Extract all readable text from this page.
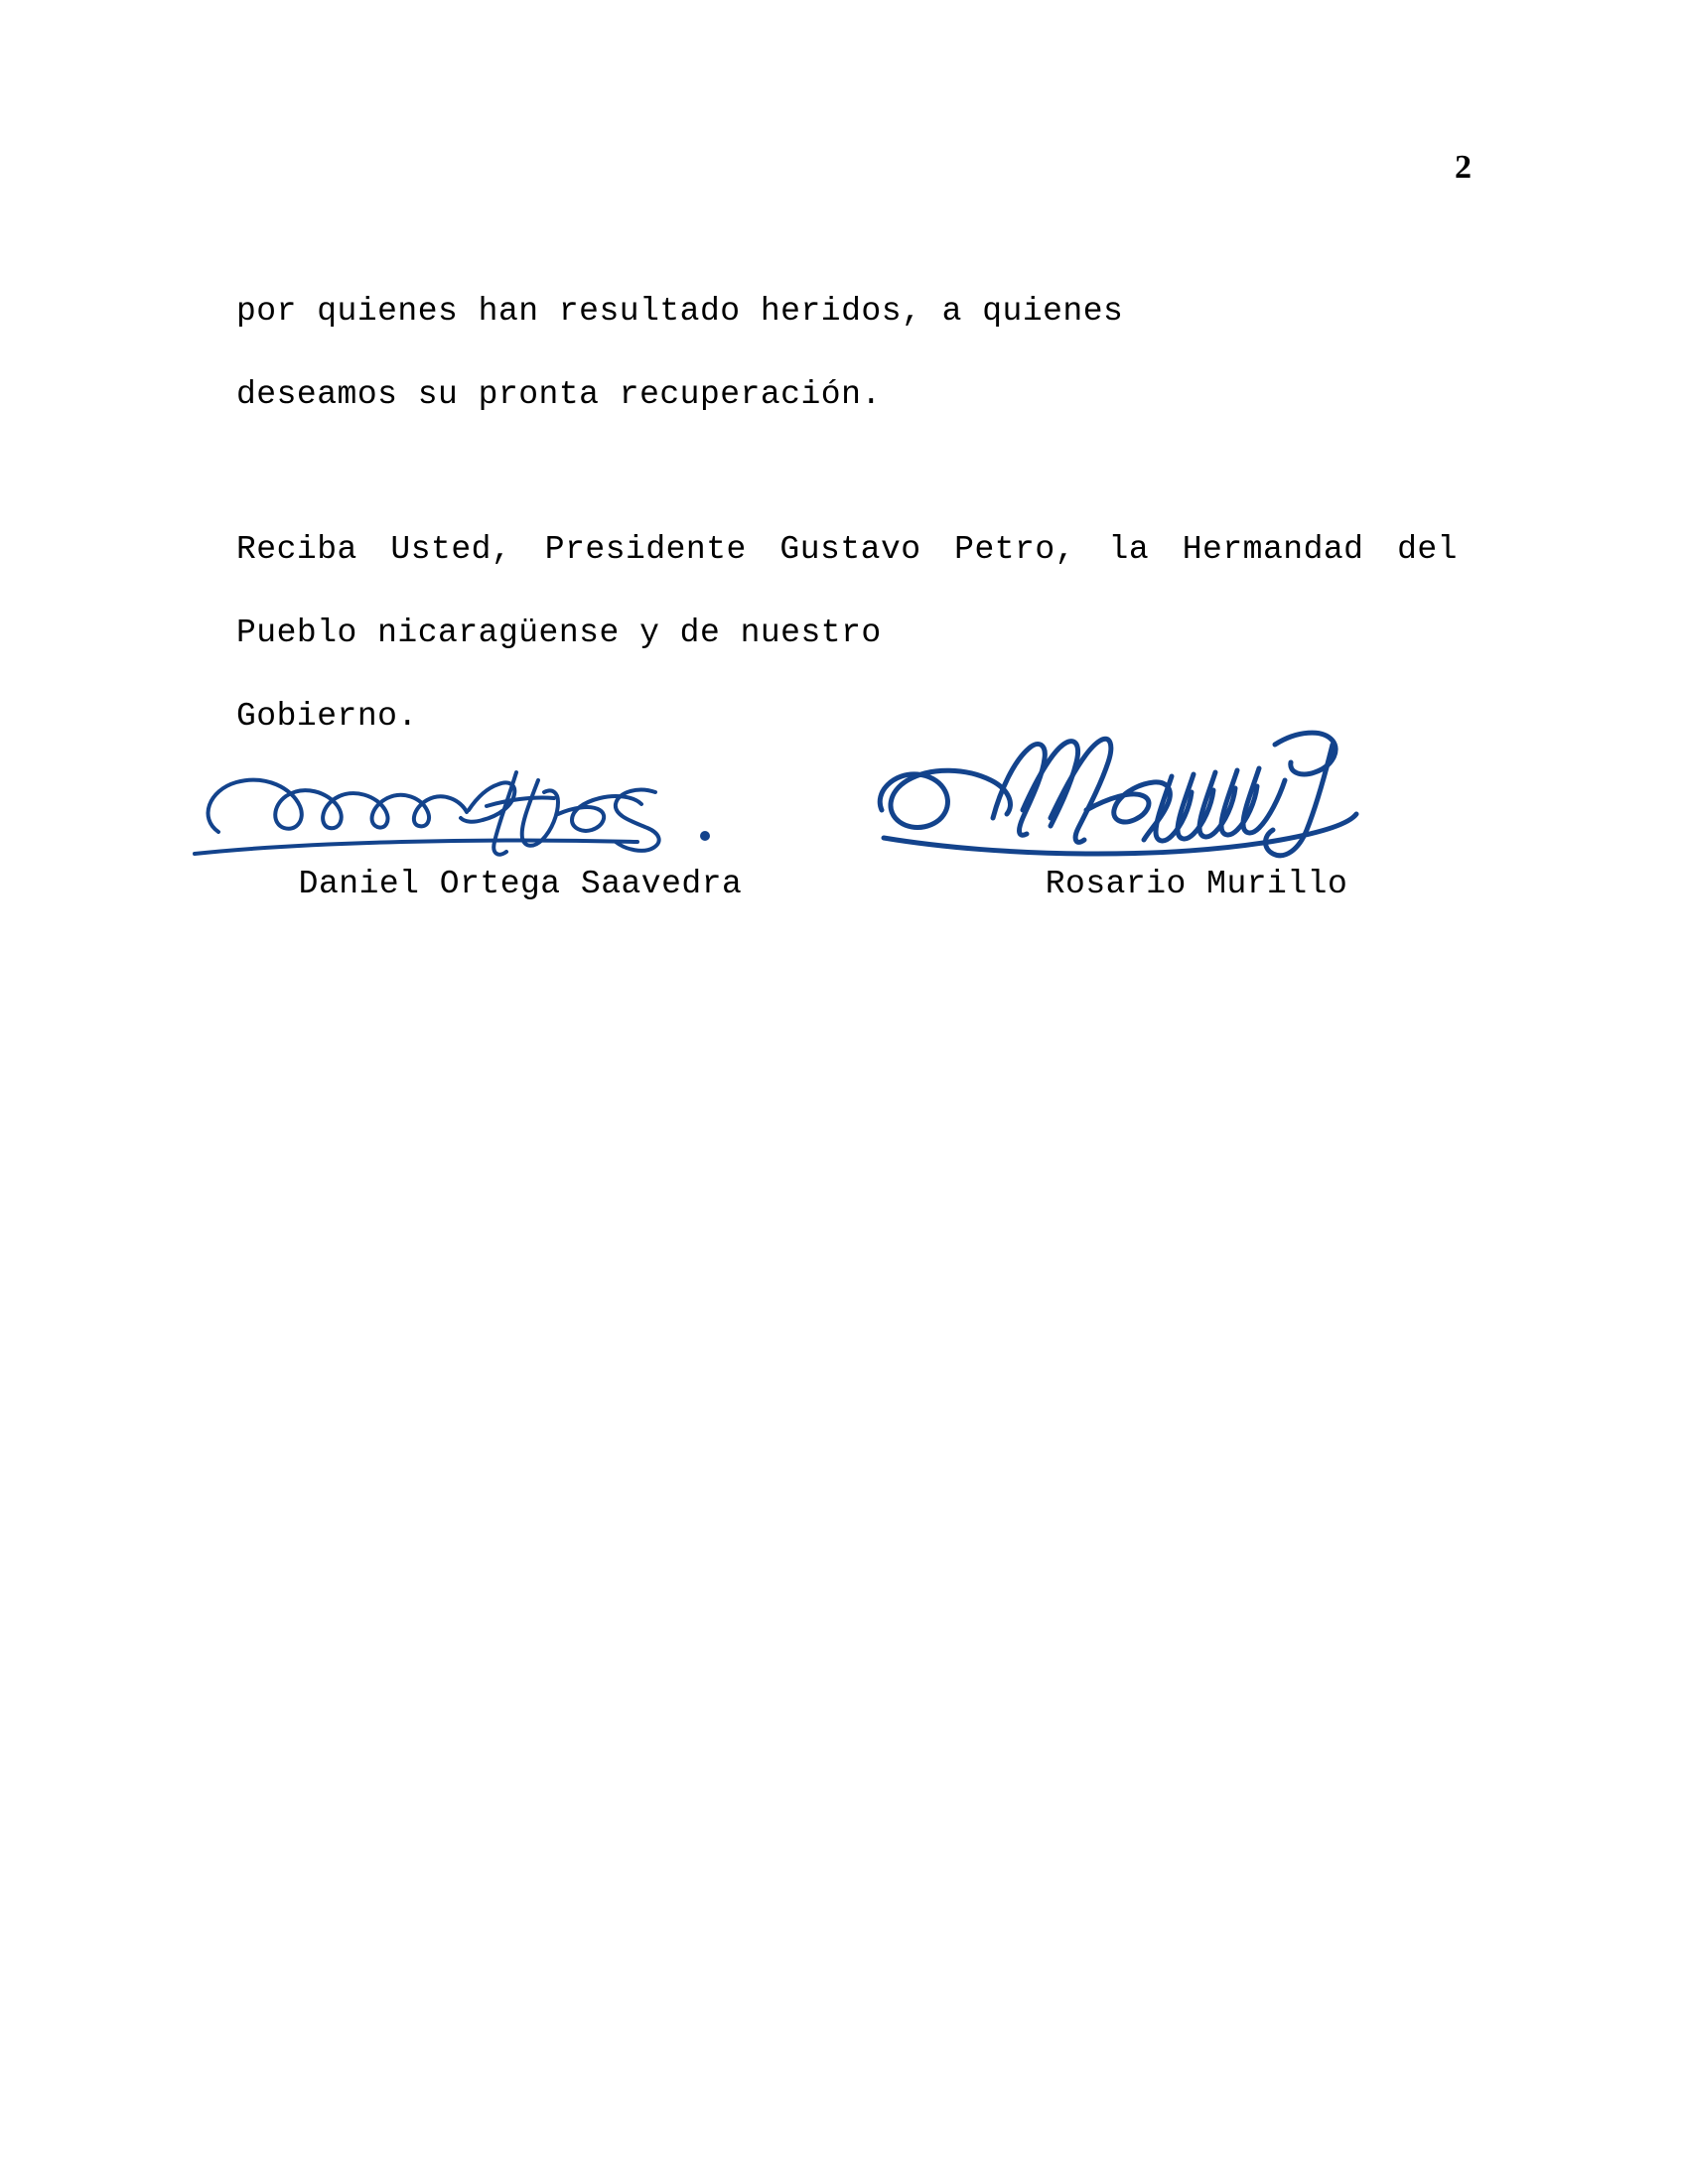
2

por quienes han resultado heridos, a quienes
deseamos su pronta recuperación.

Reciba Usted, Presidente Gustavo Petro, la Hermandad del Pueblo nicaragüense y de nuestro
Gobierno.

Daniel Ortega Saavedra	Rosario Murillo
